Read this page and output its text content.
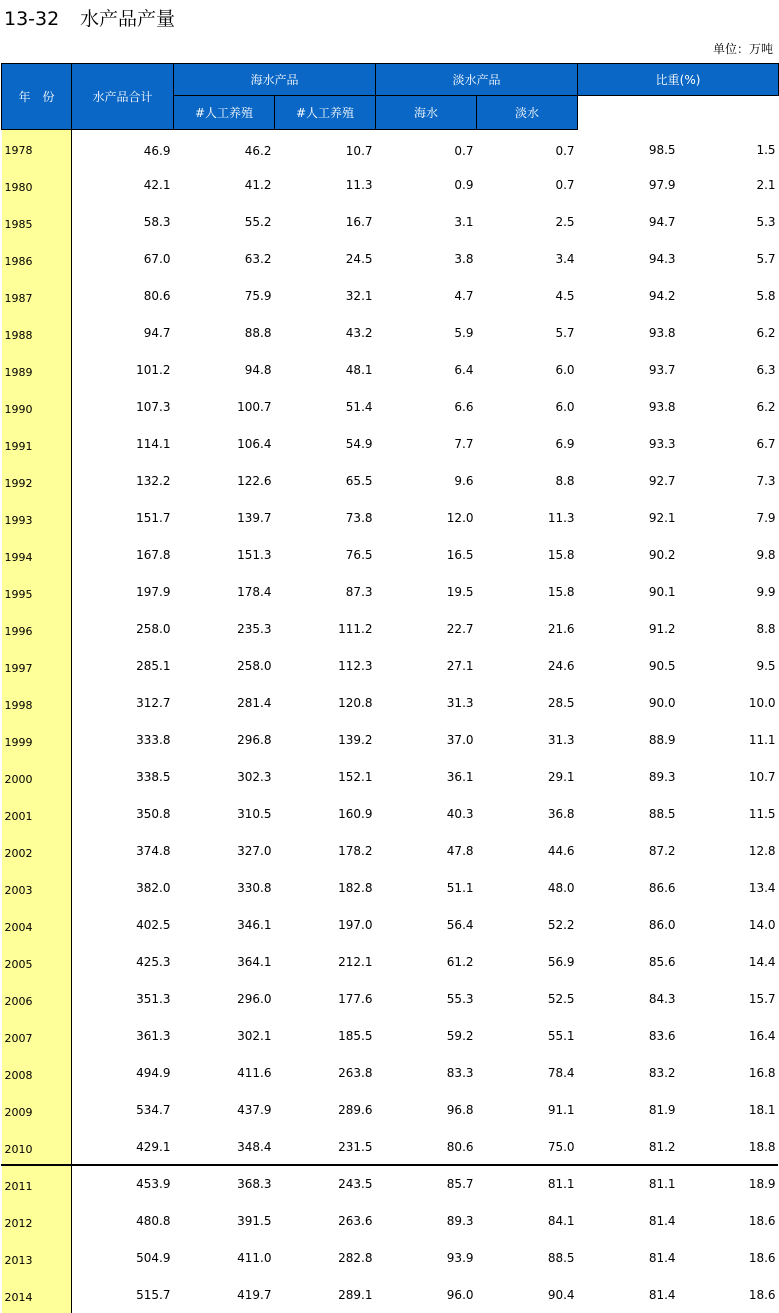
13-32 水产品产量
单位：万吨
年　份	水产品合计	海水产品		淡水产品		比重(%)	
		#人工养殖	#人工养殖	海水	淡水		
1978	46.9	46.2	10.7	0.7	0.7	98.5	1.5
1980	42.1	41.2	11.3	0.9	0.7	97.9	2.1
1985	58.3	55.2	16.7	3.1	2.5	94.7	5.3
1986	67.0	63.2	24.5	3.8	3.4	94.3	5.7
1987	80.6	75.9	32.1	4.7	4.5	94.2	5.8
1988	94.7	88.8	43.2	5.9	5.7	93.8	6.2
1989	101.2	94.8	48.1	6.4	6.0	93.7	6.3
1990	107.3	100.7	51.4	6.6	6.0	93.8	6.2
1991	114.1	106.4	54.9	7.7	6.9	93.3	6.7
1992	132.2	122.6	65.5	9.6	8.8	92.7	7.3
1993	151.7	139.7	73.8	12.0	11.3	92.1	7.9
1994	167.8	151.3	76.5	16.5	15.8	90.2	9.8
1995	197.9	178.4	87.3	19.5	15.8	90.1	9.9
1996	258.0	235.3	111.2	22.7	21.6	91.2	8.8
1997	285.1	258.0	112.3	27.1	24.6	90.5	9.5
1998	312.7	281.4	120.8	31.3	28.5	90.0	10.0
1999	333.8	296.8	139.2	37.0	31.3	88.9	11.1
2000	338.5	302.3	152.1	36.1	29.1	89.3	10.7
2001	350.8	310.5	160.9	40.3	36.8	88.5	11.5
2002	374.8	327.0	178.2	47.8	44.6	87.2	12.8
2003	382.0	330.8	182.8	51.1	48.0	86.6	13.4
2004	402.5	346.1	197.0	56.4	52.2	86.0	14.0
2005	425.3	364.1	212.1	61.2	56.9	85.6	14.4
2006	351.3	296.0	177.6	55.3	52.5	84.3	15.7
2007	361.3	302.1	185.5	59.2	55.1	83.6	16.4
2008	494.9	411.6	263.8	83.3	78.4	83.2	16.8
2009	534.7	437.9	289.6	96.8	91.1	81.9	18.1
2010	429.1	348.4	231.5	80.6	75.0	81.2	18.8
2011	453.9	368.3	243.5	85.7	81.1	81.1	18.9
2012	480.8	391.5	263.6	89.3	84.1	81.4	18.6
2013	504.9	411.0	282.8	93.9	88.5	81.4	18.6
2014	515.7	419.7	289.1	96.0	90.4	81.4	18.6
